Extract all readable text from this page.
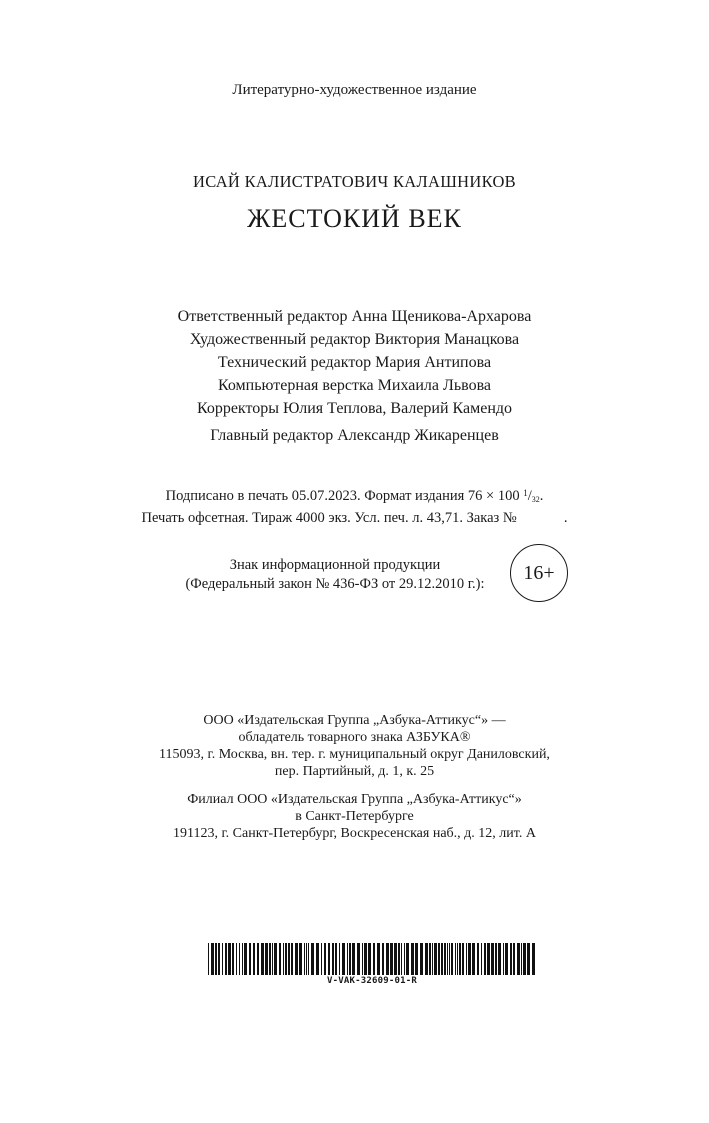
Литературно-художественное издание
ИСАЙ КАЛИСТРАТОВИЧ КАЛАШНИКОВ
ЖЕСТОКИЙ ВЕК
Ответственный редактор Анна Щеникова-Архарова
Художественный редактор Виктория Манацкова
Технический редактор Мария Антипова
Компьютерная верстка Михаила Львова
Корректоры Юлия Теплова, Валерий Камендо
Главный редактор Александр Жикаренцев
Подписано в печать 05.07.2023. Формат издания 76 × 100 $^1/_{32}$.
Печать офсетная. Тираж 4000 экз. Усл. печ. л. 43,71. Заказ №             .
Знак информационной продукции
(Федеральный закон № 436-ФЗ от 29.12.2010 г.):
16+
ООО «Издательская Группа „Азбука-Аттикус“» —
обладатель товарного знака АЗБУКА®
115093, г. Москва, вн. тер. г. муниципальный округ Даниловский,
пер. Партийный, д. 1, к. 25
Филиал ООО «Издательская Группа „Азбука-Аттикус“»
в Санкт-Петербурге
191123, г. Санкт-Петербург, Воскресенская наб., д. 12, лит. А
V-VAK-32609-01-R
